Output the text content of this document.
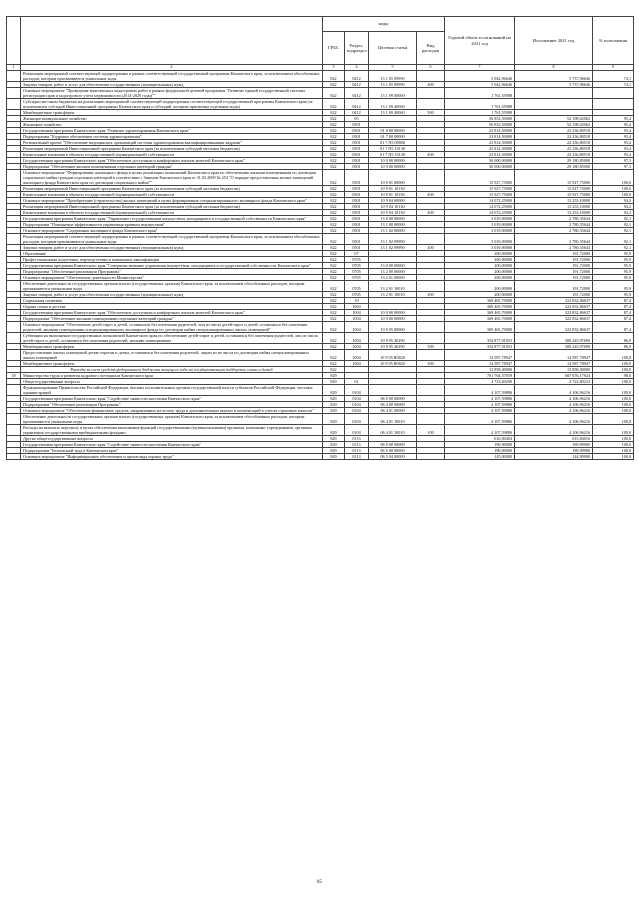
		коды				Годовой объем ассигнований на 2021 год	Исполнение 2021 год	% исполнения
		ГРБС	Раздел, подраздел	Целевая статья	Вид расходов			
1	2	3	4	5	6	7	8	9
	Реализация мероприятий соответствующей подпрограммы в рамках соответствующей государственной программы Камчатского края, за исключением обособленных расходов, которым присваиваются уникальные коды	822	0412	13 1 05 09990		5 042,96646	3 737,96646	74,1
	Закупка товаров, работ и услуг для обеспечения государственных (муниципальных) нужд	822	0412	13 1 05 09990	200	5 042,96646	3 737,96646	74,1
	Основное мероприятие "Проведение комплексных кадастровых работ в рамках федеральной целевой программы "Развитие единой государственной системы регистрации прав и кадастрового учета недвижимости (2014-2020 годы)""	822	0412	13 1 09 00000		1 761,55988		
	Субсидии местным бюджетам на реализацию мероприятий соответствующей подпрограммы соответствующей государственной программы Камчатского края (за исключением субсидий Инвестиционной программы Камчатского края и субсидий, которым присвоены отдельные коды)	822	0412	13 1 09 40060		1 761,55988		
	Межбюджетные трансферты	822	0412	13 1 09 40060	500	1 761,55988		
	Жилищно-коммунальное хозяйство	822	05			56 833,50000	54 198,02062	95,4
	Жилищное хозяйство	822	0501			56 833,50000	54 198,02062	95,4
	Государственная программа Камчатского края "Развитие здравоохранения Камчатского края"	822	0501	01 0 00 00000		23 814,50000	22 236,80518	93,4
	Подпрограмма "Кадровое обеспечение системы здравоохранения"	822	0501	01 7 00 00000		23 814,50000	22 236,80518	93,4
	Региональный проект "Обеспечение медицинских организаций системы здравоохранения квалифицированными кадрами"	822	0501	01 7 N5 00000		23 814,50000	22 236,80518	93,4
	Реализация мероприятий Инвестиционной программы Камчатского края (за исключением субсидий местным бюджетам)	822	0501	01 7 N5 10130		23 814,50000	22 236,80518	93,4
	Капитальные вложения в объекты государственной (муниципальной) собственности	822	0501	01 7 N5 10130	400	23 814,50000	22 236,80518	93,4
	Государственная программа Камчатского края "Обеспечение доступным и комфортным жильем жителей Камчатского края"	822	0501	10 0 00 00000		30 000,00000	29 180,85000	97,3
	Подпрограмма "Обеспечение жильем помещениями отдельных категорий граждан"	822	0501	10 9 00 00000		30 000,00000	29 180,85000	97,3
	Основное мероприятие "Формирование жилищного фонда в целях реализации полномочий Камчатского края по обеспечению жилыми помещениями по договорам социального найма граждан отдельных категорий в соответствии с Законом Камчатского края от 31.03.2009 № 253 "О порядке предоставления жилых помещений жилищного фонда Камчатского края по договорам социального найма""	822	0501	10 9 01 00000		15 927,75000	15 927,75000	100,0
	Реализация мероприятий Инвестиционной программы Камчатского края (за исключением субсидий местным бюджетам)	822	0501	10 9 01 10130		15 927,75000	15 927,75000	100,0
	Капитальные вложения в объекты государственной (муниципальной) собственности	822	0501	10 9 01 10130	400	15 927,75000	15 927,75000	100,0
	Основное мероприятие "Приобретение (строительство) жилых помещений в целях формирования специализированного жилищного фонда Камчатского края"	822	0501	10 9 04 00000		14 072,25000	13 253,10000	94,2
	Реализация мероприятий Инвестиционной программы Камчатского края (за исключением субсидий местным бюджетам)	822	0501	10 9 04 10130		14 072,25000	13 253,10000	94,2
	Капитальные вложения в объекты государственной (муниципальной) собственности	822	0501	10 9 04 10130	400	14 072,25000	13 253,10000	94,2
	Государственная программа Камчатского края "Управление государственным имуществом, находящимся в государственной собственности Камчатского края"	822	0501	13 0 00 00000		3 019,00000	2 780,35644	92,1
	Подпрограмма "Повышение эффективности управления краевым имуществом"	822	0501	13 1 00 00000		3 019,00000	2 780,35644	92,1
	Основное мероприятие "Содержание жилищного фонда Камчатского края"	822	0501	13 1 02 00000		3 019,00000	2 780,35644	92,1
	Реализация мероприятий соответствующей подпрограммы в рамках соответствующей государственной программы Камчатского края, за исключением обособленных расходов, которым присваиваются уникальные коды	822	0501	13 1 02 09990		3 019,00000	2 780,35644	92,1
	Закупка товаров, работ и услуг для обеспечения государственных (муниципальных) нужд	822	0501	13 1 02 09990	200	3 019,00000	2 780,35644	92,1
	Образование	822	07			200,00000	191,72000	95,9
	Профессиональная подготовка, переподготовка и повышение квалификации	822	0705			200,00000	191,72000	95,9
	Государственная программа Камчатского края "Совершенствование управления имуществом, находящимся в государственной собственности Камчатского края"	822	0705	13 0 00 00000		200,00000	191,72000	95,9
	Подпрограмма "Обеспечение реализации Программы"	822	0705	13 2 00 00000		200,00000	191,72000	95,9
	Основное мероприятие "Обеспечение деятельности Министерства"	822	0705	13 2 01 00000		200,00000	191,72000	95,9
	Обеспечение деятельности государственных органов власти (государственных органов) Камчатского края, за исключением обособленных расходов, которым присваиваются уникальные коды	822	0705	13 2 01 10010		200,00000	191,72000	95,9
	Закупка товаров, работ и услуг для обеспечения государственных (муниципальных) нужд	822	0705	13 2 01 10010	200	200,00000	191,72000	95,9
	Социальная политика	822	10			369 465,70000	322 832,86637	87,4
	Охрана семьи и детства	822	1004			369 465,70000	322 832,86637	87,4
	Государственная программа Камчатского края "Обеспечение доступным и комфортным жильем жителей Камчатского края"	822	1004	10 0 00 00000		369 465,70000	322 832,86637	87,4
	Подпрограмма "Обеспечение жилыми помещениями отдельных категорий граждан"	822	1004	10 9 00 00000		369 465,70000	322 832,86637	87,4
	Основное мероприятие "Обеспечение детей-сирот и детей, оставшихся без попечения родителей, лиц из числа детей-сирот и детей, оставшихся без попечения родителей, жилыми помещениями специализированного жилищного фонда по договорам найма специализированных жилых помещений"	822	1004	10 9 05 00000		369 465,70000	322 832,86637	87,4
	Субвенции на выполнение государственных полномочий Камчатского края по обеспечению детей-сирот и детей, оставшихся без попечения родителей, лиц из числа детей-сирот и детей, оставшихся без попечения родителей, жилыми помещениями	822	1004	10 9 05 40290		354 877,91053	308 245,07690	86,9
	Межбюджетные трансферты	822	1004	10 9 05 40290	500	354 877,91053	308 245,07690	86,9
	Предоставление жилых помещений детям-сиротам и детям, оставшимся без попечения родителей, лицам из их числа по договорам найма специализированных жилых помещений	822	1004	10 9 05 R0820		14 587,78947	14 587,78947	100,0
	Межбюджетные трансферты	822	1004	10 9 05 R0820	500	14 587,78947	14 587,78947	100,0
	Расходы за счет средств федерального бюджета текущего года на государственную поддержку семьи и детей	822				13 858,40000	13 858,40000	100,0
18	Министерство труда и развития кадрового потенциала Камчатского края	829				701 764,57659	687 876,17924	98,0
	Общегосударственные вопросы	829	01			4 723,60290	4 722,80232	100,0
	Функционирование Правительства Российской Федерации, высших исполнительных органов государственной власти субъектов Российской Федерации, местных администраций	829	0104			4 107,59886	4 106,96216	100,0
	Государственная программа Камчатского края "Содействие занятости населения Камчатского края"	829	0104	06 0 00 00000		4 107,59886	4 106,96216	100,0
	Подпрограмма "Обеспечение реализации Программы"	829	0104	06 4 00 00000		4 107,59886	4 106,96216	100,0
	Основное мероприятие "Обеспечение финансовых средств, направленных на оплату труда и дополнительных выплат и компенсаций в учетом страховых взносов"	829	0104	06 4 01 00000		4 107,59886	4 106,96216	100,0
	Обеспечение деятельности государственных органов власти (государственных органов) Камчатского края, за исключением обособленных расходов, которым присваиваются уникальные коды	829	0104	06 4 01 10010		4 107,59886	4 106,96216	100,0
	Расходы на выплаты персоналу в целях обеспечения выполнения функций государственными (муниципальными) органами, казенными учреждениями, органами управления государственными внебюджетными фондами	829	0104	06 4 01 10010	100	4 107,59886	4 106,96216	100,0
	Другие общегосударственные вопросы	829	0113			616,00404	615,84016	100,0
	Государственная программа Камчатского края "Содействие занятости населения Камчатского края"	829	0113	06 0 00 00000		190,00000	189,99900	100,0
	Подпрограмма "Безопасный труд в Камчатском крае"	829	0113	06 5 00 00000		190,00000	189,99900	100,0
	Основное мероприятие "Информационное обеспечение и пропаганда охраны труда"	829	0113	06 5 04 00000		145,00000	144,99900	100,0
85
